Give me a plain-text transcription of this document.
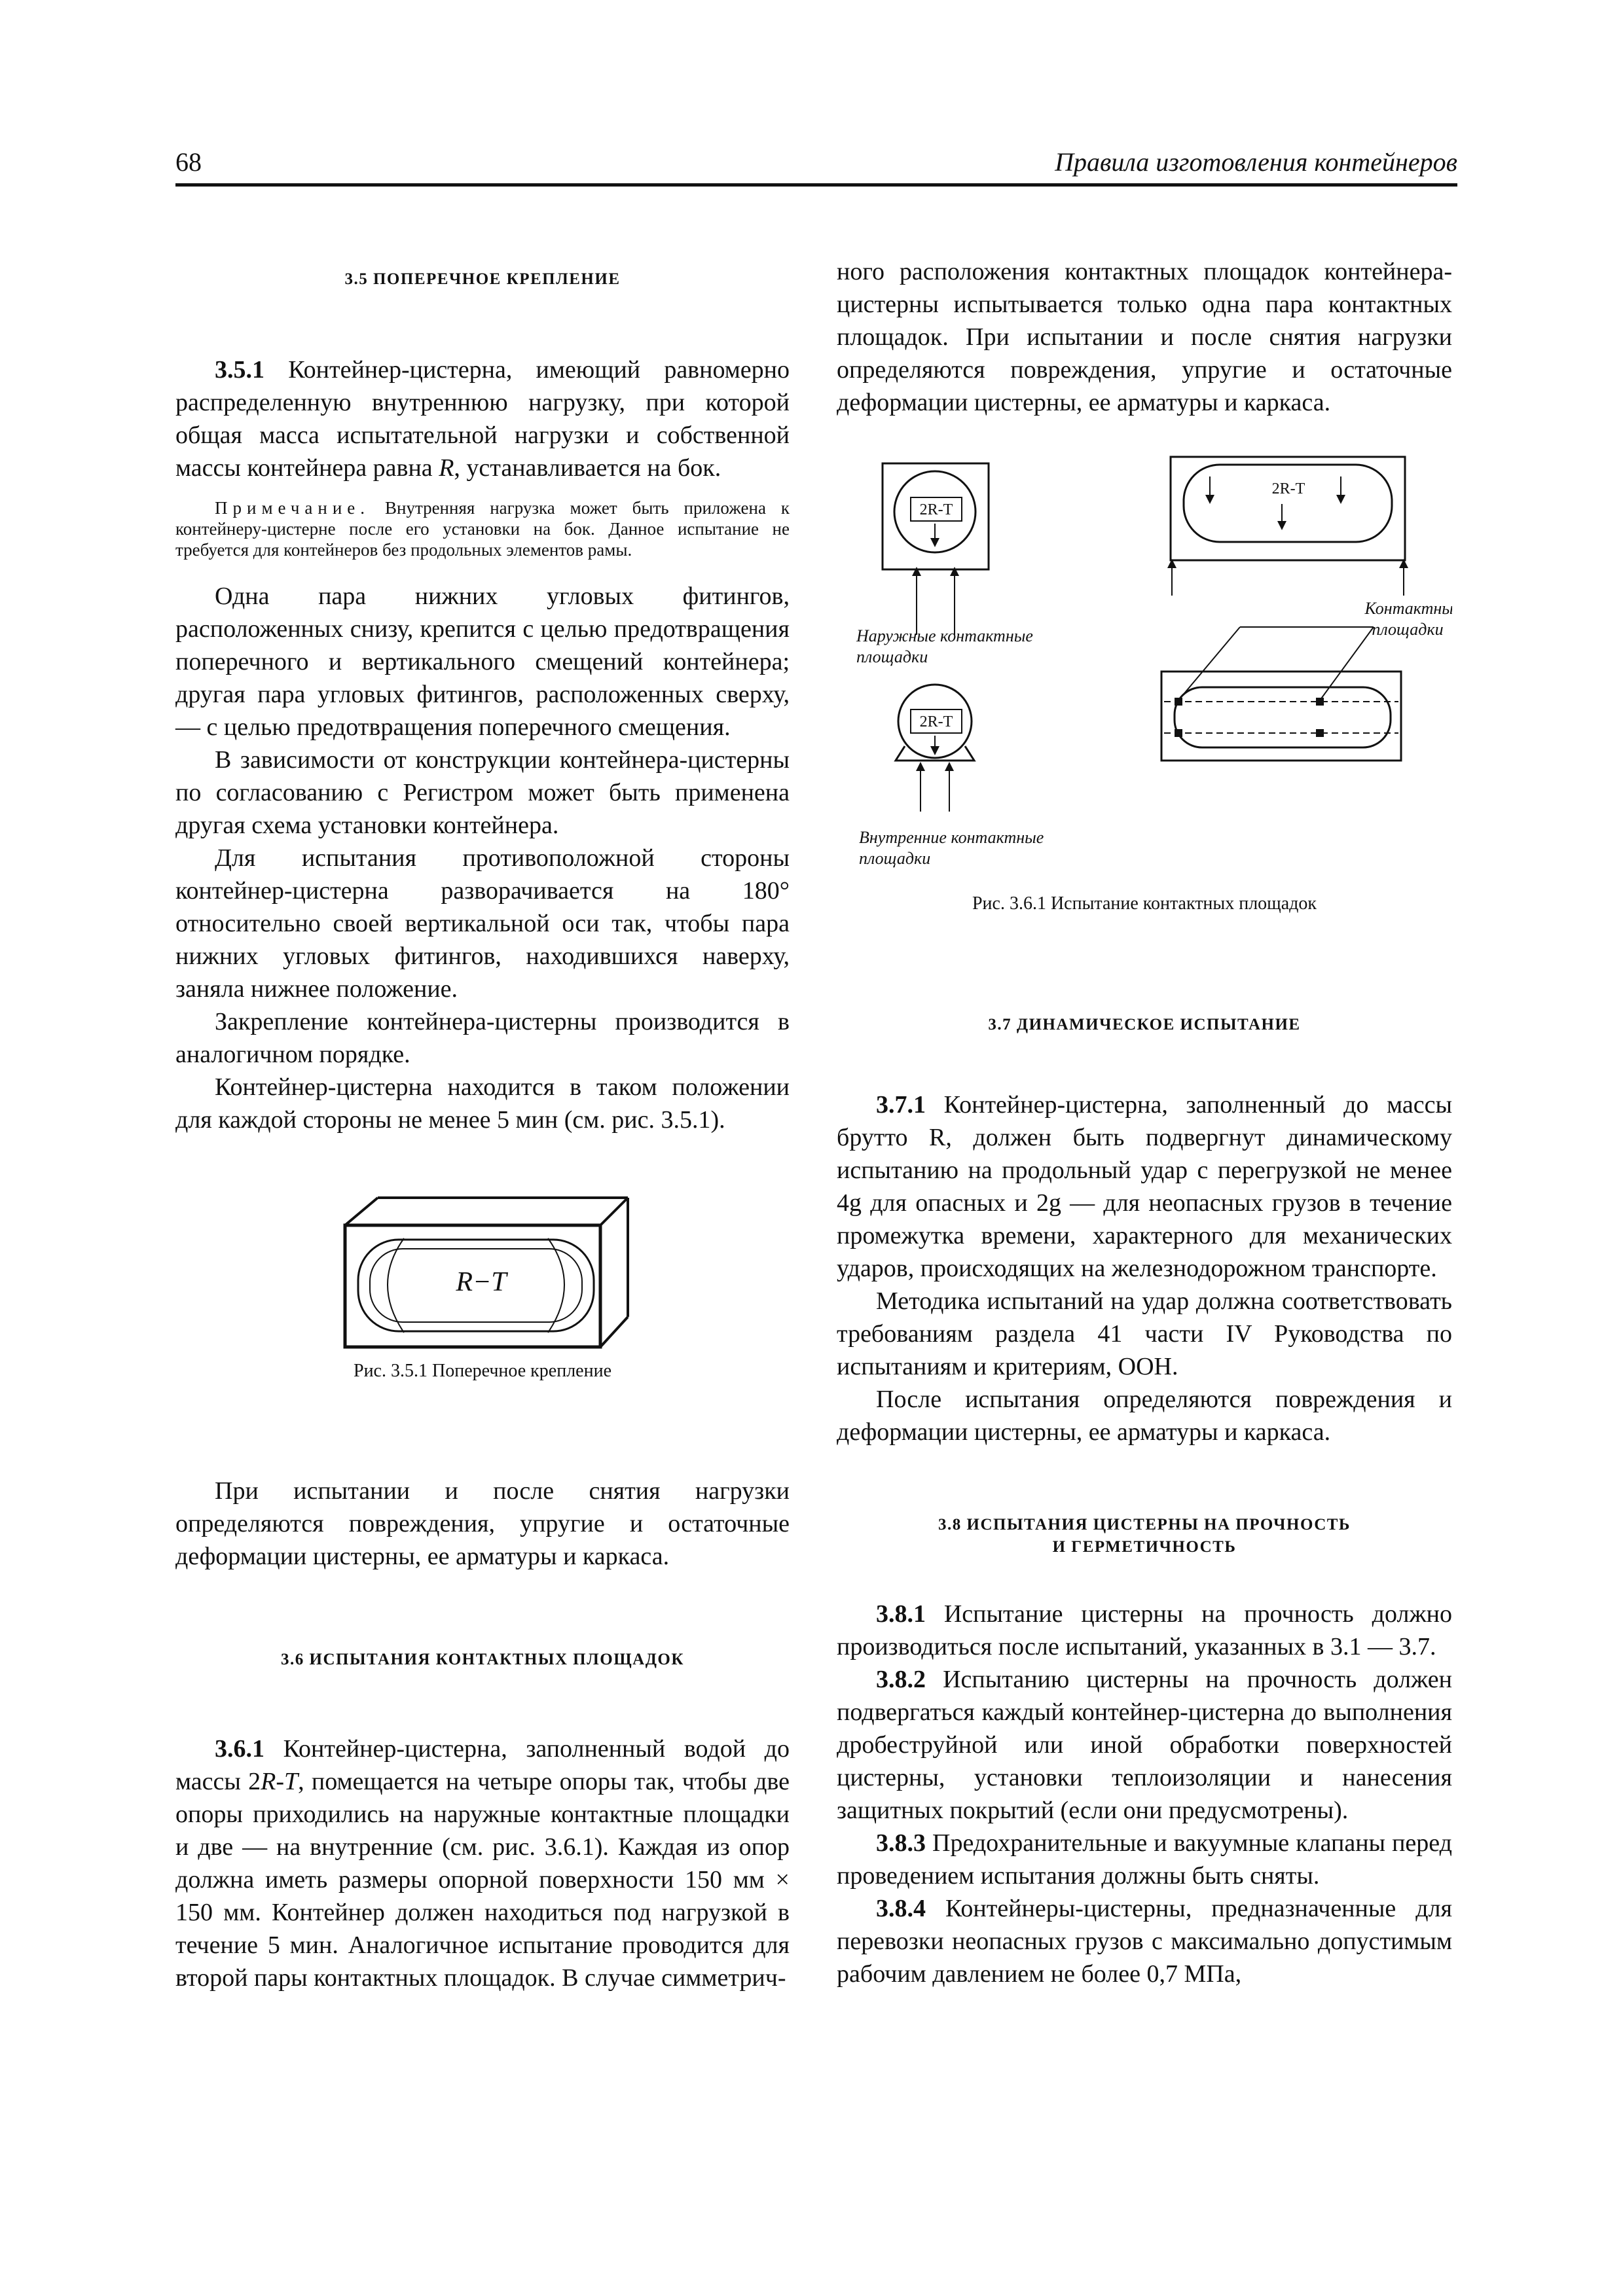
68	Правила изготовления контейнеров
3.5 ПОПЕРЕЧНОЕ КРЕПЛЕНИЕ

3.5.1 Контейнер-цистерна, имеющий равномерно распределенную внутреннюю нагрузку, при которой общая масса испытательной нагрузки и собственной массы контейнера равна R, устанавливается на бок.

Примечание. Внутренняя нагрузка может быть приложена к контейнеру-цистерне после его установки на бок. Данное испытание не требуется для контейнеров без продольных элементов рамы.

Одна пара нижних угловых фитингов, расположенных снизу, крепится с целью предотвращения поперечного и вертикального смещений контейнера; другая пара угловых фитингов, расположенных сверху, — с целью предотвращения поперечного смещения.

В зависимости от конструкции контейнера-цистерны по согласованию с Регистром может быть применена другая схема установки контейнера.

Для испытания противоположной стороны контейнер-цистерна разворачивается на 180° относительно своей вертикальной оси так, чтобы пара нижних угловых фитингов, находившихся наверху, заняла нижнее положение.

Закрепление контейнера-цистерны производится в аналогичном порядке.

Контейнер-цистерна находится в таком положении для каждой стороны не менее 5 мин (см. рис. 3.5.1).

R−T
Рис. 3.5.1 Поперечное крепление

При испытании и после снятия нагрузки определяются повреждения, упругие и остаточные деформации цистерны, ее арматуры и каркаса.

3.6 ИСПЫТАНИЯ КОНТАКТНЫХ ПЛОЩАДОК

3.6.1 Контейнер-цистерна, заполненный водой до массы 2R-T, помещается на четыре опоры так, чтобы две опоры приходились на наружные контактные площадки и две — на внутренние (см. рис. 3.6.1). Каждая из опор должна иметь размеры опорной поверхности 150 мм × 150 мм. Контейнер должен находиться под нагрузкой в течение 5 мин. Аналогичное испытание проводится для второй пары контактных площадок. В случае симметрич-

ного расположения контактных площадок контейнера-цистерны испытывается только одна пара контактных площадок. При испытании и после снятия нагрузки определяются повреждения, упругие и остаточные деформации цистерны, ее арматуры и каркаса.

2R-T
Наружные контактные
площадки
2R-T
Контактные
площадки
2R-T
Внутренние контактные
площадки
Рис. 3.6.1 Испытание контактных площадок
3.7 ДИНАМИЧЕСКОЕ ИСПЫТАНИЕ

3.7.1 Контейнер-цистерна, заполненный до массы брутто R, должен быть подвергнут динамическому испытанию на продольный удар с перегрузкой не менее 4g для опасных и 2g — для неопасных грузов в течение промежутка времени, характерного для механических ударов, происходящих на железнодорожном транспорте.

Методика испытаний на удар должна соответствовать требованиям раздела 41 части IV Руководства по испытаниям и критериям, ООН.

После испытания определяются повреждения и деформации цистерны, ее арматуры и каркаса.

3.8 ИСПЫТАНИЯ ЦИСТЕРНЫ НА ПРОЧНОСТЬ
И ГЕРМЕТИЧНОСТЬ

3.8.1 Испытание цистерны на прочность должно производиться после испытаний, указанных в 3.1 — 3.7.

3.8.2 Испытанию цистерны на прочность должен подвергаться каждый контейнер-цистерна до выполнения дробеструйной или иной обработки поверхностей цистерны, установки теплоизоляции и нанесения защитных покрытий (если они предусмотрены).

3.8.3 Предохранительные и вакуумные клапаны перед проведением испытания должны быть сняты.

3.8.4 Контейнеры-цистерны, предназначенные для перевозки неопасных грузов с максимально допустимым рабочим давлением не более 0,7 МПа,
